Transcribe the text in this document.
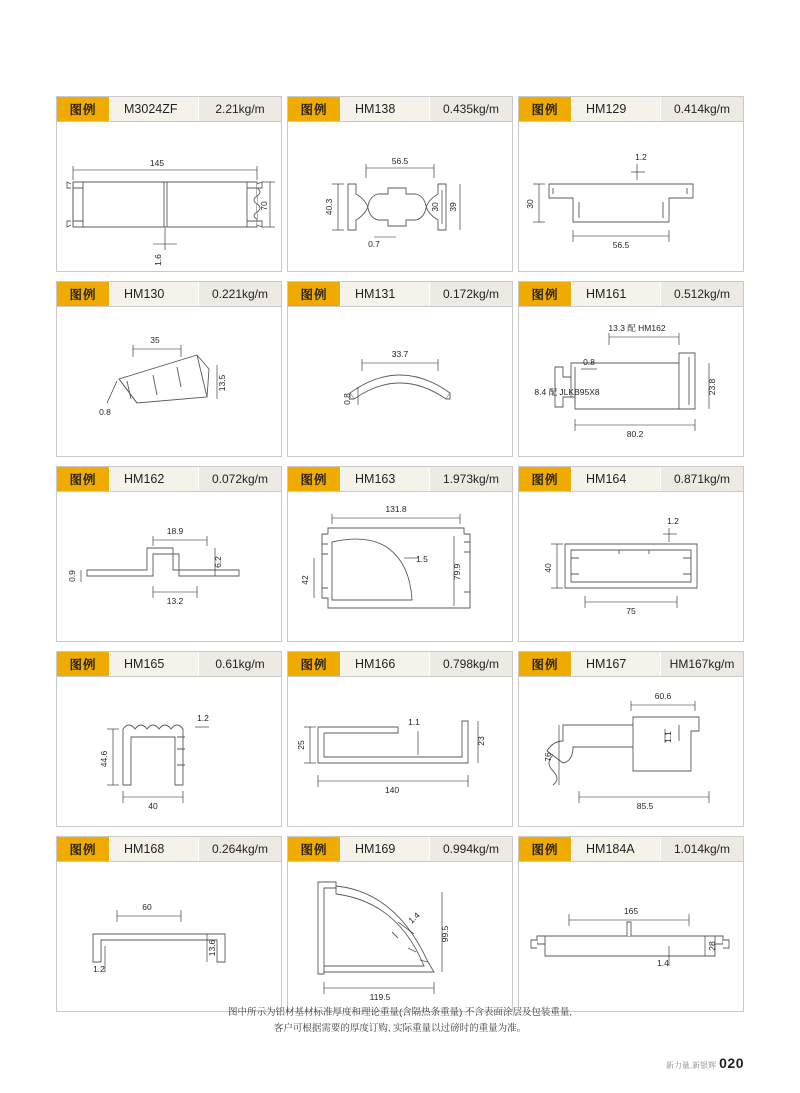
图例	M3024ZF	2.21kg/m
145
70
1.6
图例	HM138	0.435kg/m
56.5
40.3	30 39
0.7
图例	HM129	0.414kg/m
1.2
30
56.5
图例	HM130	0.221kg/m
35
0.8
13.5
图例	HM131	0.172kg/m
33.7
0.8
图例	HM161	0.512kg/m
13.3 配 HM162
0.8
8.4 配 JLKB95X8
80.2
23.8
图例	HM162	0.072kg/m
18.9
0.9
6.2
13.2
图例	HM163	1.973kg/m
131.8
1.5
79.9
42
图例	HM164	0.871kg/m
1.2
40
75
图例	HM165	0.61kg/m
44.6
1.2
40
图例	HM166	0.798kg/m
25
1.1
23
140
图例	HM167	HM167kg/m
60.6
1.1
76
85.5
图例	HM168	0.264kg/m
60
13.6
1.2
图例	HM169	0.994kg/m
1.4
99.5
119.5
图例	HM184A	1.014kg/m
165
1.4
28
图中所示为铝材基材标准厚度和理论重量(含隔热条重量) 不含表面涂层及包装重量,
客户可根据需要的厚度订购, 实际重量以过磅时的重量为准。
新力量.新银辉 020
